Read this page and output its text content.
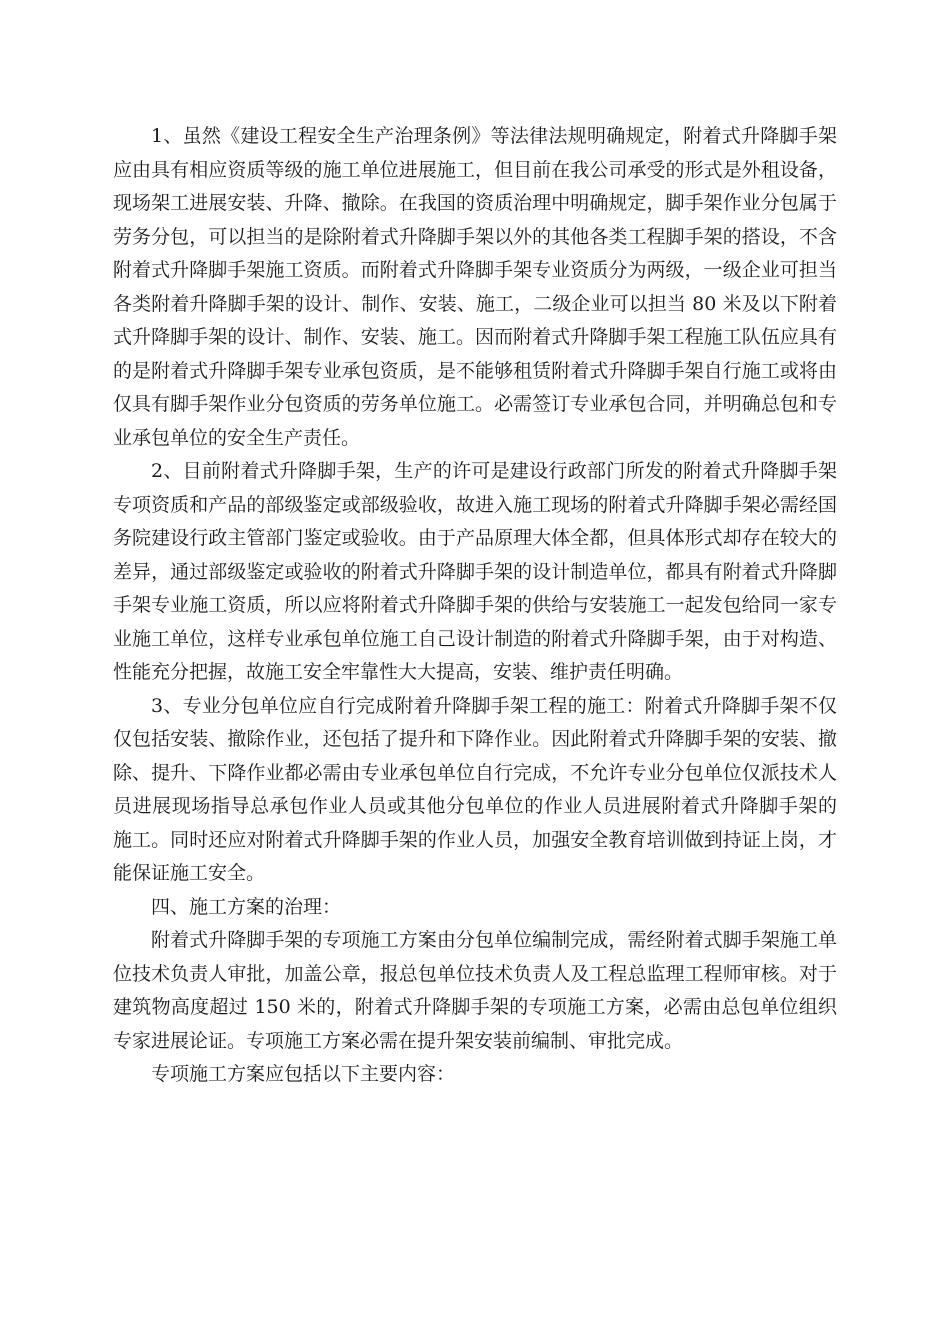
1、虽然《建设工程安全生产治理条例》等法律法规明确规定，附着式升降脚手架应由具有相应资质等级的施工单位进展施工，但目前在我公司承受的形式是外租设备，现场架工进展安装、升降、撤除。在我国的资质治理中明确规定，脚手架作业分包属于劳务分包，可以担当的是除附着式升降脚手架以外的其他各类工程脚手架的搭设，不含附着式升降脚手架施工资质。而附着式升降脚手架专业资质分为两级，一级企业可担当各类附着升降脚手架的设计、制作、安装、施工，二级企业可以担当 80 米及以下附着式升降脚手架的设计、制作、安装、施工。因而附着式升降脚手架工程施工队伍应具有的是附着式升降脚手架专业承包资质，是不能够租赁附着式升降脚手架自行施工或将由仅具有脚手架作业分包资质的劳务单位施工。必需签订专业承包合同，并明确总包和专业承包单位的安全生产责任。

2、目前附着式升降脚手架，生产的许可是建设行政部门所发的附着式升降脚手架专项资质和产品的部级鉴定或部级验收，故进入施工现场的附着式升降脚手架必需经国务院建设行政主管部门鉴定或验收。由于产品原理大体全都，但具体形式却存在较大的差异，通过部级鉴定或验收的附着式升降脚手架的设计制造单位，都具有附着式升降脚手架专业施工资质，所以应将附着式升降脚手架的供给与安装施工一起发包给同一家专业施工单位，这样专业承包单位施工自己设计制造的附着式升降脚手架，由于对构造、性能充分把握，故施工安全牢靠性大大提高，安装、维护责任明确。

3、专业分包单位应自行完成附着升降脚手架工程的施工：附着式升降脚手架不仅仅包括安装、撤除作业，还包括了提升和下降作业。因此附着式升降脚手架的安装、撤除、提升、下降作业都必需由专业承包单位自行完成，不允许专业分包单位仅派技术人员进展现场指导总承包作业人员或其他分包单位的作业人员进展附着式升降脚手架的 施工。同时还应对附着式升降脚手架的作业人员，加强安全教育培训做到持证上岗，才能保证施工安全。

四、施工方案的治理：

附着式升降脚手架的专项施工方案由分包单位编制完成，需经附着式脚手架施工单位技术负责人审批，加盖公章，报总包单位技术负责人及工程总监理工程师审核。对于建筑物高度超过 150 米的，附着式升降脚手架的专项施工方案，必需由总包单位组织专家进展论证。专项施工方案必需在提升架安装前编制、审批完成。

专项施工方案应包括以下主要内容：
